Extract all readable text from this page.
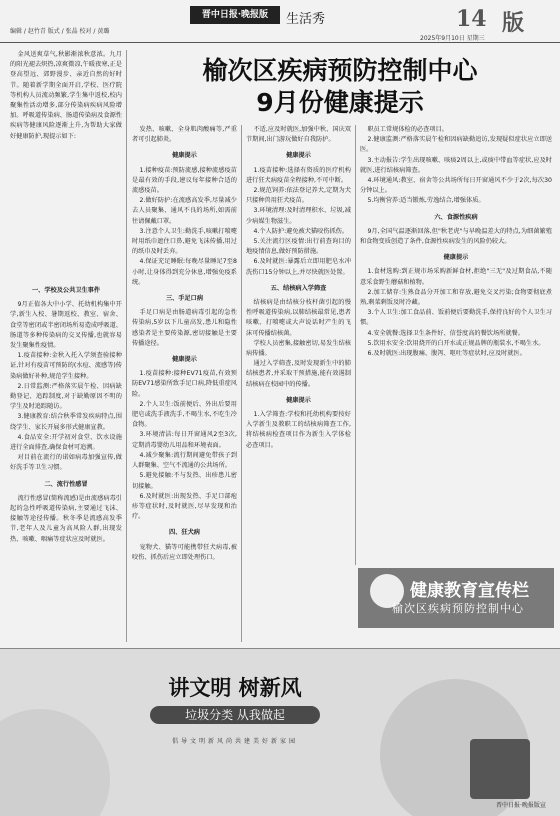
编辑 / 赵竹青 版式 / 张晶 校对 / 黄璐
晋中日报·晚报版	生活秀	14 版
2025年9月10日 星期三
榆次区疾病预防控制中心
9月份健康提示

金风送爽草气,秋影渐浓秋意浓。九月的阳光褪去炽热,凉爽微凉,午暖夜寒,正是登高望远、郊野漫步、亲近自然的好时节。随着新学期全面开启,学校、医疗院等机构人员流动频繁,学生集中返校,校内聚集性活动增多,部分传染病疾病风险增加。呼吸道传染病、肠道传染病及食源性疾病等健康风险逐渐上升,为帮助大家做好健康防护,现提示如下:

一、学校及公共卫生事件

9月正值各大中小学、托幼机构集中开学,新生入校、暑期返校、教室、宿舍、食堂等密闭或半密闭场所易造成呼吸道、肠道等多种传染病的交叉传播,也就容易发生聚集性疫情。

1.疫苗接种:金秋入托入学须查验接种证,针对有疫苗可预防的(水痘、流感等)传染病做好补种,规范学生接种。

2.日常监测:严格落实晨午检、因病缺勤登记、追踪制度,对于缺勤原因不明的学生及时追踪随访。

3.健康教育:结合秋季常发疾病特点,围绕学生、家长开展多形式健康宣教。

4.食品安全:开学初对食堂、饮水设施进行全面排查,确保食材可追溯。

对目前在流行的诺如病毒加强宣传,做好洗手等卫生习惯。

二、流行性感冒

流行性感冒(简称流感)是由流感病毒引起的急性呼吸道传染病,主要通过飞沫、接触等途径传播。秋冬季是流感高发季节,老年人及儿童为高风险人群,出现发热、咳嗽、咽痛等症状应及时就医。

发热、咳嗽、全身肌肉酸痛等,严重者可引起肺炎。

健康提示

1.接种疫苗:预防流感,接种流感疫苗是最有效的手段,建议每年接种合适的流感疫苗。

2.做好防护:在流感高发季,尽量减少去人员聚集、通风不良的场所,如需前往请佩戴口罩。

3.注意个人卫生:勤洗手,咳嗽打喷嚏时用纸巾遮住口鼻,避免飞沫传播,用过的纸巾及时丢弃。

4.保证充足睡眠:每晚尽量睡足7至8小时,让身体得到充分休息,增强免疫系统。

三、手足口病

手足口病是由肠道病毒引起的急性传染病,5岁以下儿童高发,患儿和隐性感染者是主要传染源,密切接触是主要传播途径。

健康提示

1.疫苗接种:接种EV71疫苗,有效预防EV71感染所致手足口病,降低重症风险。

2.个人卫生:饭前便后、外出后要用肥皂或洗手液洗手,不喝生水,不吃生冷食物。

3.环境清洁:每日开窗通风2至3次,定期消毒婴幼儿用品和环境表面。

4.减少聚集:流行期间避免带孩子到人群聚集、空气不流通的公共场所。

5.避免接触:不与发热、出疹患儿密切接触。

6.及时就医:出现发热、手足口部疱疹等症状时,及时就医,尽早发现和治疗。

四、狂犬病

宠物犬、猫等可能携带狂犬病毒,被咬伤、抓伤后应立即处理伤口。

不适,应及时就医,加强中秋、国庆双节期间,出门游玩做好自我防护。

健康提示

1.疫苗接种:选择有资质的医疗机构进行狂犬病疫苗全程接种,不可中断。

2.规范饲养:依法登记养犬,定期为犬只接种兽用狂犬疫苗。

3.环境清理:及时清理积水、垃圾,减少病媒生物滋生。

4.个人防护:避免被犬猫咬伤抓伤。

5.关注流行区疫情:出行前查询目的地疫情信息,做好预防措施。

6.及时就医:暴露后立即用肥皂水冲洗伤口15分钟以上,并尽快就医处置。

五、结核病入学筛查

结核病是由结核分枝杆菌引起的慢性呼吸道传染病,以肺结核最常见,患者咳嗽、打喷嚏或大声说话时产生的飞沫可传播结核菌。

学校人员密集,接触密切,易发生结核病传播。

通过入学筛查,及时发现新生中的肺结核患者,并采取干预措施,能有效遏制结核病在校园中的传播。

健康提示

1.入学筛查:学校和托幼机构要按好入学新生及教职工的结核病筛查工作,将结核病检查项目作为新生入学体检必查项目。

职员工常规体检的必查项目。

2.健康监测:严格落实晨午检和因病缺勤追访,发现疑似症状应立即送医。

3.主动报告:学生出现咳嗽、咳痰2周以上,或痰中带血等症状,应及时就医,进行结核病筛查。

4.环境通风:教室、宿舍等公共场所每日开窗通风不少于2次,每次30分钟以上。

5.均衡营养:适当锻炼,劳逸结合,增强体质。

六、食源性疾病

9月,全国气温逐渐回落,但"秋老虎"与早晚温差大的特点,为细菌繁殖和食物变质创造了条件,食源性疾病发生的风险仍较大。

健康提示

1.食材选购:到正规市场采购新鲜食材,拒绝"三无"及过期食品,不随意采食野生蘑菇和植物。

2.加工储存:生熟食品分开加工和存放,避免交叉污染;食物要彻底煮熟,剩菜剩饭及时冷藏。

3.个人卫生:加工食品前、饭前便后要勤洗手,保持良好的个人卫生习惯。

4.安全就餐:选择卫生条件好、信誉度高的餐饮场所就餐。

5.饮用水安全:饮用烧开的白开水或正规品牌的瓶装水,不喝生水。

6.及时就医:出现腹痛、腹泻、呕吐等症状时,应及时就医。

健康教育宣传栏
榆次区疾病预防控制中心
讲文明 树新风
垃圾分类 从我做起
倡导文明新风尚共建美好新家园
晋中日报·晚报版宣
